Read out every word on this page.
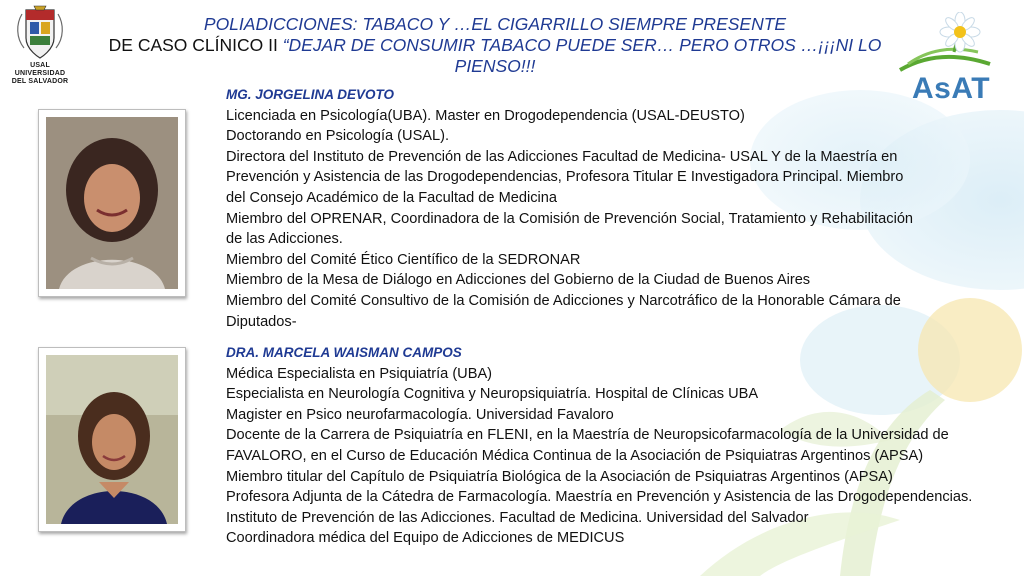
USAL
UNIVERSIDAD
DEL SALVADOR	AsAT
POLIADICCIONES: TABACO Y …EL CIGARRILLO SIEMPRE PRESENTE
DE CASO CLÍNICO II “DEJAR DE CONSUMIR TABACO PUEDE SER… PERO OTROS …¡¡¡NI LO PIENSO!!!
MG. JORGELINA DEVOTO
Licenciada en Psicología(UBA). Master en Drogodependencia (USAL-DEUSTO)
Doctorando en Psicología (USAL).
Directora del Instituto de Prevención de las Adicciones Facultad de Medicina- USAL Y de la Maestría en
Prevención y Asistencia de las Drogodependencias, Profesora Titular E Investigadora Principal. Miembro
del Consejo Académico de la Facultad de Medicina
Miembro del OPRENAR, Coordinadora de la Comisión de Prevención Social, Tratamiento y Rehabilitación
de las Adicciones.
Miembro del Comité Ético Científico de la SEDRONAR
Miembro de la Mesa de Diálogo en Adicciones del Gobierno de la Ciudad de Buenos Aires
Miembro del Comité Consultivo de la Comisión de Adicciones y Narcotráfico de la Honorable Cámara de
Diputados-
DRA. MARCELA WAISMAN CAMPOS
Médica Especialista en Psiquiatría (UBA)
Especialista en Neurología Cognitiva y Neuropsiquiatría. Hospital de Clínicas UBA
Magister en Psico neurofarmacología. Universidad Favaloro
Docente de la Carrera de Psiquiatría en FLENI, en la Maestría de Neuropsicofarmacología de la Universidad de
FAVALORO, en el Curso de Educación Médica Continua de la Asociación de Psiquiatras Argentinos (APSA)
Miembro titular del Capítulo de Psiquiatría Biológica de la Asociación de Psiquiatras Argentinos (APSA)
Profesora Adjunta de la Cátedra de Farmacología. Maestría en Prevención y Asistencia de las Drogodependencias.
Instituto de Prevención de las Adicciones. Facultad de Medicina. Universidad del Salvador
Coordinadora médica del Equipo de Adicciones de MEDICUS
